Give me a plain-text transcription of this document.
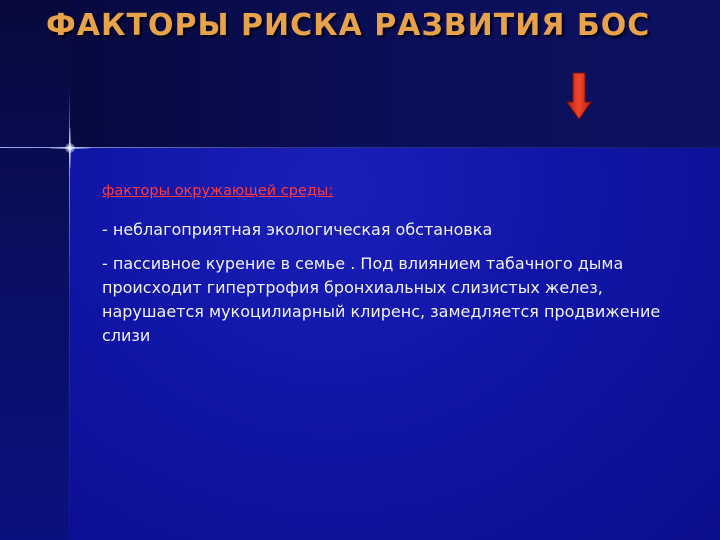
ФАКТОРЫ РИСКА РАЗВИТИЯ БОС

факторы окружающей среды:

- неблагоприятная экологическая обстановка

- пассивное курение в семье . Под влиянием табачного дыма происходит гипертрофия бронхиальных слизистых желез, нарушается мукоцилиарный клиренс, замедляется продвижение слизи
